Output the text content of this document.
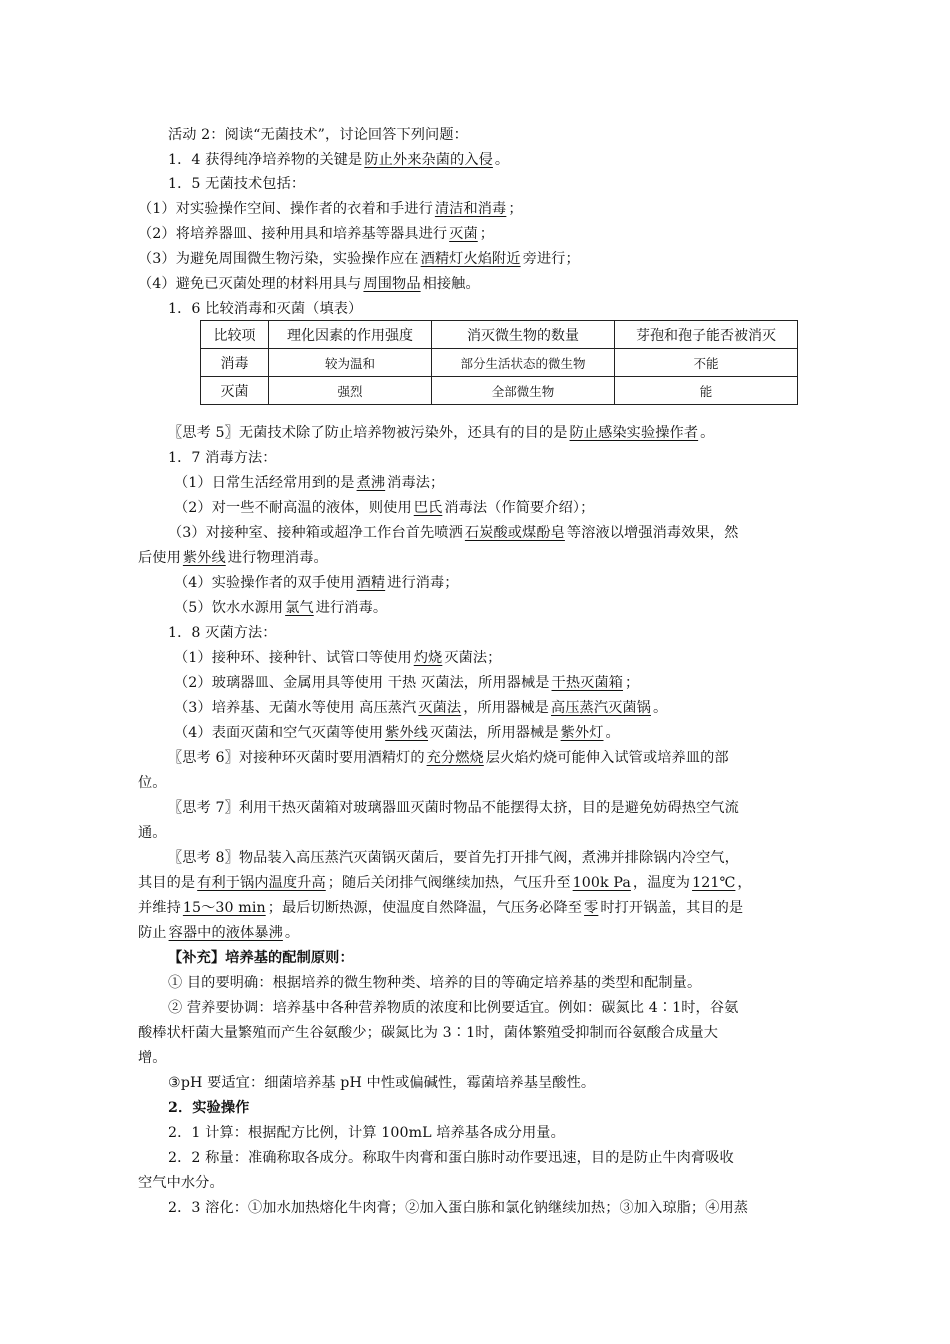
活动 2：阅读“无菌技术”，讨论回答下列问题：
1．4 获得纯净培养物的关键是 防止外来杂菌的入侵 。
1．5 无菌技术包括：
（1）对实验操作空间、操作者的衣着和手进行 清洁和消毒 ；
（2）将培养器皿、接种用具和培养基等器具进行 灭菌 ；
（3）为避免周围微生物污染，实验操作应在 酒精灯火焰附近 旁进行；
（4）避免已灭菌处理的材料用具与 周围物品 相接触。
1．6 比较消毒和灭菌（填表）
比较项	理化因素的作用强度	消灭微生物的数量	芽孢和孢子能否被消灭
消毒	较为温和	部分生活状态的微生物	不能
灭菌	强烈	全部微生物	能
〖思考 5〗无菌技术除了防止培养物被污染外，还具有的目的是 防止感染实验操作者 。
1．7 消毒方法：
（1）日常生活经常用到的是 煮沸 消毒法；
（2）对一些不耐高温的液体，则使用 巴氏 消毒法（作简要介绍）；
（3）对接种室、接种箱或超净工作台首先喷洒 石炭酸或煤酚皂 等溶液以增强消毒效果，然
后使用 紫外线 进行物理消毒。
（4）实验操作者的双手使用 酒精 进行消毒；
（5）饮水水源用 氯气 进行消毒。
1．8 灭菌方法：
（1）接种环、接种针、试管口等使用 灼烧 灭菌法；
（2）玻璃器皿、金属用具等使用 干热 灭菌法，所用器械是 干热灭菌箱 ；
（3）培养基、无菌水等使用 高压蒸汽 灭菌法 ，所用器械是 高压蒸汽灭菌锅 。
（4）表面灭菌和空气灭菌等使用 紫外线 灭菌法，所用器械是 紫外灯 。
〖思考 6〗对接种环灭菌时要用酒精灯的 充分燃烧 层火焰灼烧可能伸入试管或培养皿的部
位。
〖思考 7〗利用干热灭菌箱对玻璃器皿灭菌时物品不能摆得太挤，目的是避免妨碍热空气流
通。
〖思考 8〗物品装入高压蒸汽灭菌锅灭菌后，要首先打开排气阀，煮沸并排除锅内冷空气，
其目的是 有利于锅内温度升高 ；随后关闭排气阀继续加热，气压升至 100k Pa ，温度为 121℃ ，
并维持 15～30 min ；最后切断热源，使温度自然降温，气压务必降至 零 时打开锅盖，其目的是
防止 容器中的液体暴沸 。
【补充】培养基的配制原则：
① 目的要明确：根据培养的微生物种类、培养的目的等确定培养基的类型和配制量。
② 营养要协调：培养基中各种营养物质的浓度和比例要适宜。例如：碳氮比 4∶1时，谷氨
酸棒状杆菌大量繁殖而产生谷氨酸少；碳氮比为 3∶1时，菌体繁殖受抑制而谷氨酸合成量大
增。
③pH 要适宜：细菌培养基 pH 中性或偏碱性，霉菌培养基呈酸性。
2．实验操作
2．1 计算：根据配方比例，计算 100mL 培养基各成分用量。
2．2 称量：准确称取各成分。称取牛肉膏和蛋白胨时动作要迅速，目的是防止牛肉膏吸收
空气中水分。
2．3 溶化：①加水加热熔化牛肉膏；②加入蛋白胨和氯化钠继续加热；③加入琼脂；④用蒸
